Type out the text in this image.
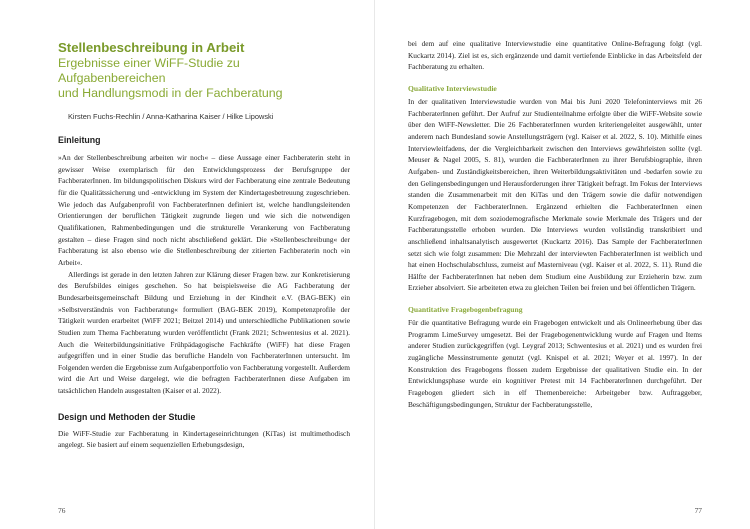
Stellenbeschreibung in Arbeit

Ergebnisse einer WiFF-Studie zu Aufgabenbereichen

und Handlungsmodi in der Fachberatung

Kirsten Fuchs-Rechlin / Anna-Katharina Kaiser / Hilke Lipowski

Einleitung

»An der Stellenbeschreibung arbeiten wir noch« – diese Aussage einer Fachberaterin steht in gewisser Weise exemplarisch für den Entwicklungsprozess der Berufsgruppe der FachberaterInnen. Im bildungspolitischen Diskurs wird der Fachberatung eine zentrale Bedeutung für die Qualitätssicherung und -entwicklung im System der Kindertagesbetreuung zugeschrieben. Wie jedoch das Aufgabenprofil von FachberaterInnen definiert ist, welche handlungsleitenden Orientierungen der beruflichen Tätigkeit zugrunde liegen und wie sich die notwendigen Qualifikationen, Rahmenbedingungen und die strukturelle Verankerung von Fachberatung gestalten – diese Fragen sind noch nicht abschließend geklärt. Die »Stellenbeschreibung« der Fachberatung ist also ebenso wie die Stellenbeschreibung der zitierten Fachberaterin noch »in Arbeit«.

Allerdings ist gerade in den letzten Jahren zur Klärung dieser Fragen bzw. zur Konkretisierung des Berufsbildes einiges geschehen. So hat beispielsweise die AG Fachberatung der Bundesarbeitsgemeinschaft Bildung und Erziehung in der Kindheit e.V. (BAG-BEK) ein »Selbstverständnis von Fachberatung« formuliert (BAG-BEK 2019), Kompetenzprofile der Tätigkeit wurden erarbeitet (WiFF 2021; Beitzel 2014) und unterschiedliche Publikationen sowie Studien zum Thema Fachberatung wurden veröffentlicht (Frank 2021; Schwentesius et al. 2021). Auch die Weiterbildungsinitiative Frühpädagogische Fachkräfte (WiFF) hat diese Fragen aufgegriffen und in einer Studie das berufliche Handeln von FachberaterInnen untersucht. Im Folgenden werden die Ergebnisse zum Aufgabenportfolio von Fachberatung vorgestellt. Außerdem wird die Art und Weise dargelegt, wie die befragten FachberaterInnen diese Aufgaben im tatsächlichen Handeln ausgestalten (Kaiser et al. 2022).

Design und Methoden der Studie

Die WiFF-Studie zur Fachberatung in Kindertageseinrichtungen (KiTas) ist multimethodisch angelegt. Sie basiert auf einem sequenziellen Erhebungsdesign,

76

bei dem auf eine qualitative Interviewstudie eine quantitative Online-Befragung folgt (vgl. Kuckartz 2014). Ziel ist es, sich ergänzende und damit vertiefende Einblicke in das Arbeitsfeld der Fachberatung zu erhalten.

Qualitative Interviewstudie

In der qualitativen Interviewstudie wurden von Mai bis Juni 2020 Telefoninterviews mit 26 FachberaterInnen geführt. Der Aufruf zur Studienteilnahme erfolgte über die WiFF-Website sowie über den WiFF-Newsletter. Die 26 FachberaterInnen wurden kriteriengeleitet ausgewählt, unter anderem nach Bundesland sowie Anstellungsträgern (vgl. Kaiser et al. 2022, S. 10). Mithilfe eines Interviewleitfadens, der die Vergleichbarkeit zwischen den Interviews gewährleisten sollte (vgl. Meuser & Nagel 2005, S. 81), wurden die FachberaterInnen zu ihrer Berufsbiographie, ihren Aufgaben- und Zuständigkeitsbereichen, ihren Weiterbildungsaktivitäten und -bedarfen sowie zu den Gelingensbedingungen und Herausforderungen ihrer Tätigkeit befragt. Im Fokus der Interviews standen die Zusammenarbeit mit den KiTas und den Trägern sowie die dafür notwendigen Kompetenzen der FachberaterInnen. Ergänzend erhielten die FachberaterInnen einen Kurzfragebogen, mit dem soziodemografische Merkmale sowie Merkmale des Trägers und der Fachberatungsstelle erhoben wurden. Die Interviews wurden vollständig transkribiert und anschließend inhaltsanalytisch ausgewertet (Kuckartz 2016). Das Sample der FachberaterInnen setzt sich wie folgt zusammen: Die Mehrzahl der interviewten FachberaterInnen ist weiblich und hat einen Hochschulabschluss, zumeist auf Masterniveau (vgl. Kaiser et al. 2022, S. 11). Rund die Hälfte der FachberaterInnen hat neben dem Studium eine Ausbildung zur Erzieherin bzw. zum Erzieher absolviert. Sie arbeiteten etwa zu gleichen Teilen bei freien und bei öffentlichen Trägern.

Quantitative Fragebogenbefragung

Für die quantitative Befragung wurde ein Fragebogen entwickelt und als Onlineerhebung über das Programm LimeSurvey umgesetzt. Bei der Fragebogenentwicklung wurde auf Fragen und Items anderer Studien zurückgegriffen (vgl. Leygraf 2013; Schwentesius et al. 2021) und es wurden frei zugängliche Messinstrumente genutzt (vgl. Knispel et al. 2021; Weyer et al. 1997). In der Konstruktion des Fragebogens flossen zudem Ergebnisse der qualitativen Studie ein. In der Entwicklungsphase wurde ein kognitiver Pretest mit 14 FachberaterInnen durchgeführt. Der Fragebogen gliedert sich in elf Themenbereiche: Arbeitgeber bzw. Auftraggeber, Beschäftigungsbedingungen, Struktur der Fachberatungsstelle,

77
